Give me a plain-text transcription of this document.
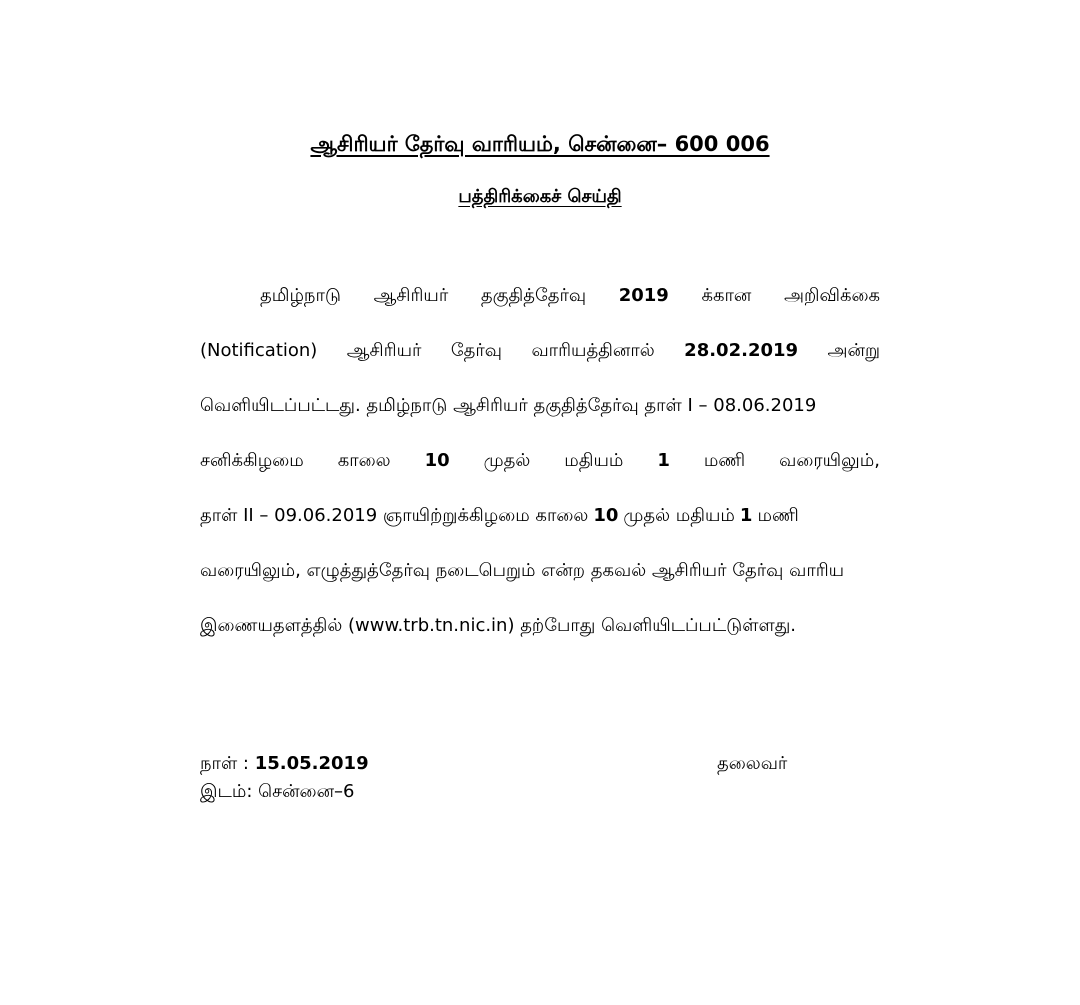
ஆசிரியர் தேர்வு வாரியம், சென்னை– 600 006
பத்திரிக்கைச் செய்தி
தமிழ்நாடு ஆசிரியர் தகுதித்தேர்வு 2019 க்கான அறிவிக்கை
(Notification) ஆசிரியர் தேர்வு வாரியத்தினால் 28.02.2019 அன்று
வெளியிடப்பட்டது. தமிழ்நாடு ஆசிரியர் தகுதித்தேர்வு தாள் I – 08.06.2019
சனிக்கிழமை காலை 10 முதல் மதியம் 1 மணி வரையிலும்,
தாள் II – 09.06.2019 ஞாயிற்றுக்கிழமை காலை 10 முதல் மதியம் 1 மணி
வரையிலும், எழுத்துத்தேர்வு நடைபெறும் என்ற தகவல் ஆசிரியர் தேர்வு வாரிய
இணையதளத்தில் (www.trb.tn.nic.in) தற்போது வெளியிடப்பட்டுள்ளது.
நாள் : 15.05.2019
இடம்: சென்னை–6
தலைவர்
